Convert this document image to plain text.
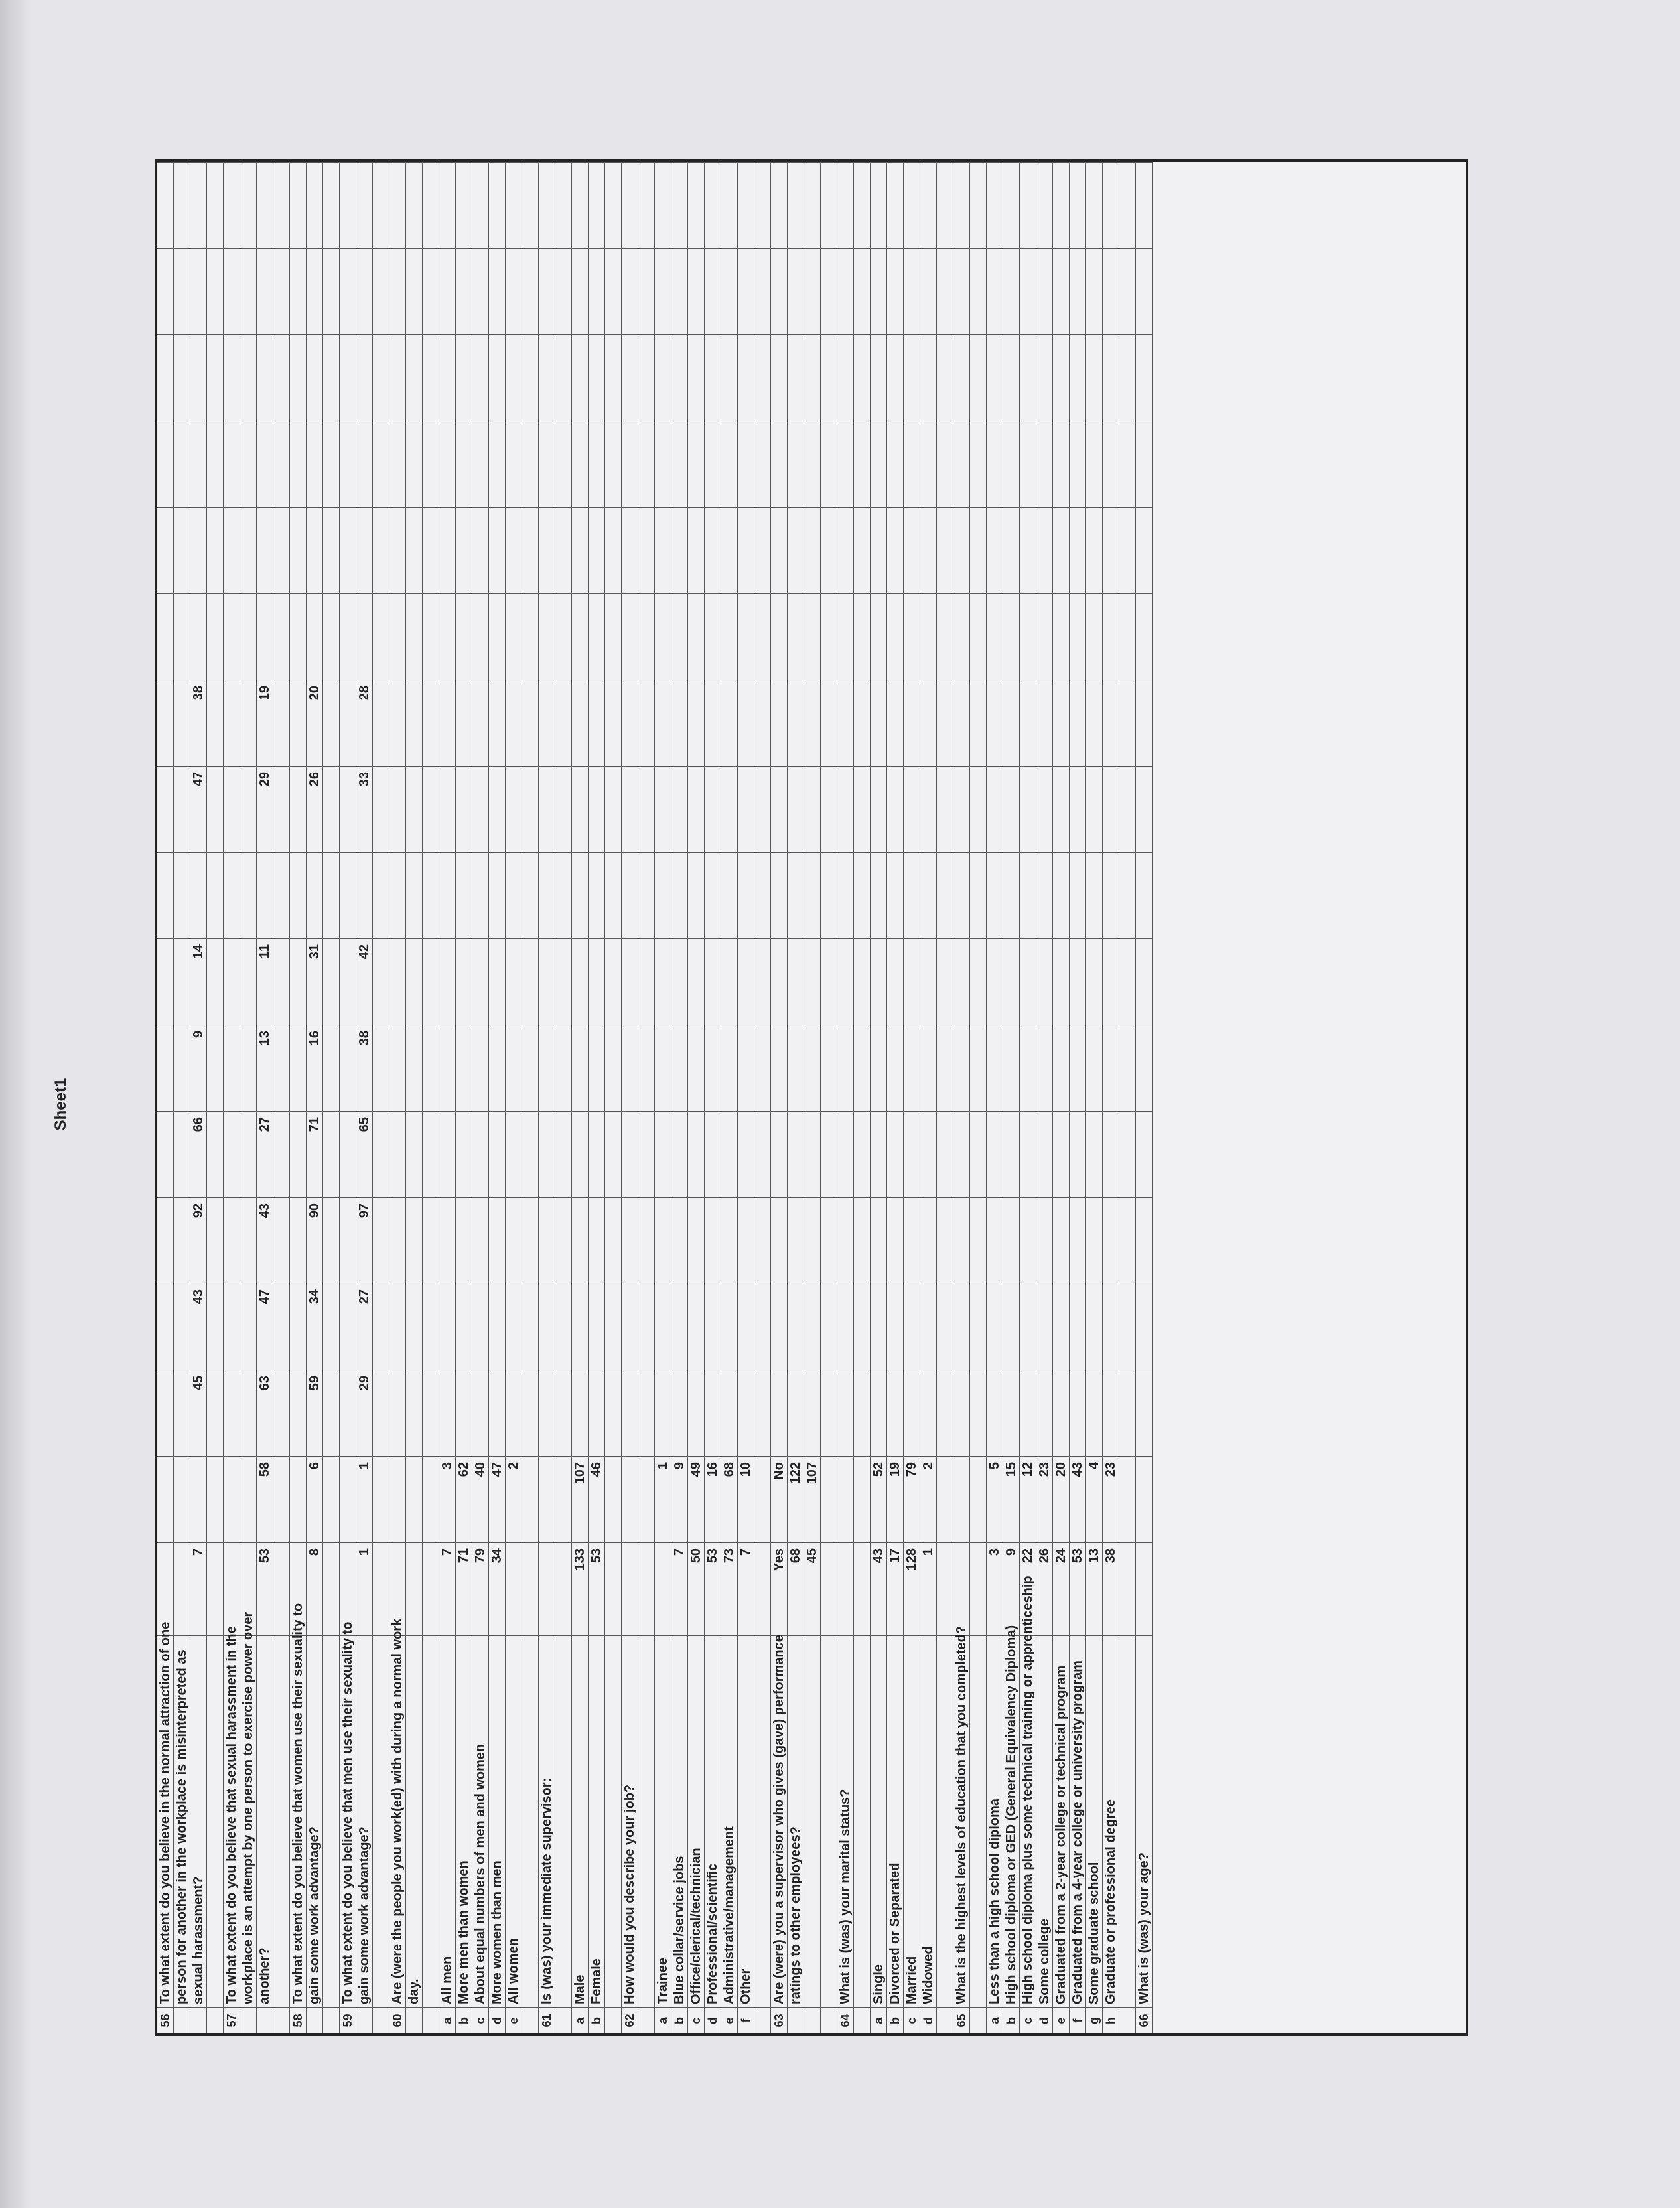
Sheet1
56
To what extent do you believe in the normal attraction of one person for another in the workplace is misinterpreted as sexual harassment?
7
45
43
92
66
9
14
47
38
57
To what extent do you believe that sexual harassment in the workplace is an attempt by one person to exercise power over another?
53
58
63
47
43
27
13
11
29
19
58
To what extent do you believe that women use their sexuality to gain some work advantage?
8
6
59
34
90
71
16
31
26
20
59
To what extent do you believe that men use their sexuality to gain some work advantage?
1
1
29
27
97
65
38
42
33
28
60
Are (were the people you work(ed) with during a normal work day.
a
All men
7
3
b
More men than women
71
62
c
About equal numbers of men and women
79
40
d
More women than men
34
47
e
All women
2
61
Is (was) your immediate supervisor:
a
Male
133
107
b
Female
53
46
62
How would you describe your job?
a
Trainee
1
b
Blue collar/service jobs
7
9
c
Office/clerical/technician
50
49
d
Professional/scientific
53
16
e
Administrative/management
73
68
f
Other
7
10
63
Are (were) you a supervisor who gives (gave) performance
Yes
No
ratings to other employees?
68
122
45
107
64
What is (was) your marital status?
a
Single
43
52
b
Divorced or Separated
17
19
c
Married
128
79
d
Widowed
1
2
65
What is the highest levels of education that you completed?
a
Less than a high school diploma
3
5
b
High school diploma or GED (General Equivalency Diploma)
9
15
c
High school diploma plus some technical training or apprenticeship
22
12
d
Some college
26
23
e
Graduated from a 2-year college or technical program
24
20
f
Graduated from a 4-year college or university program
53
43
g
Some graduate school
13
4
h
Graduate or professional degree
38
23
66
What is (was) your age?
